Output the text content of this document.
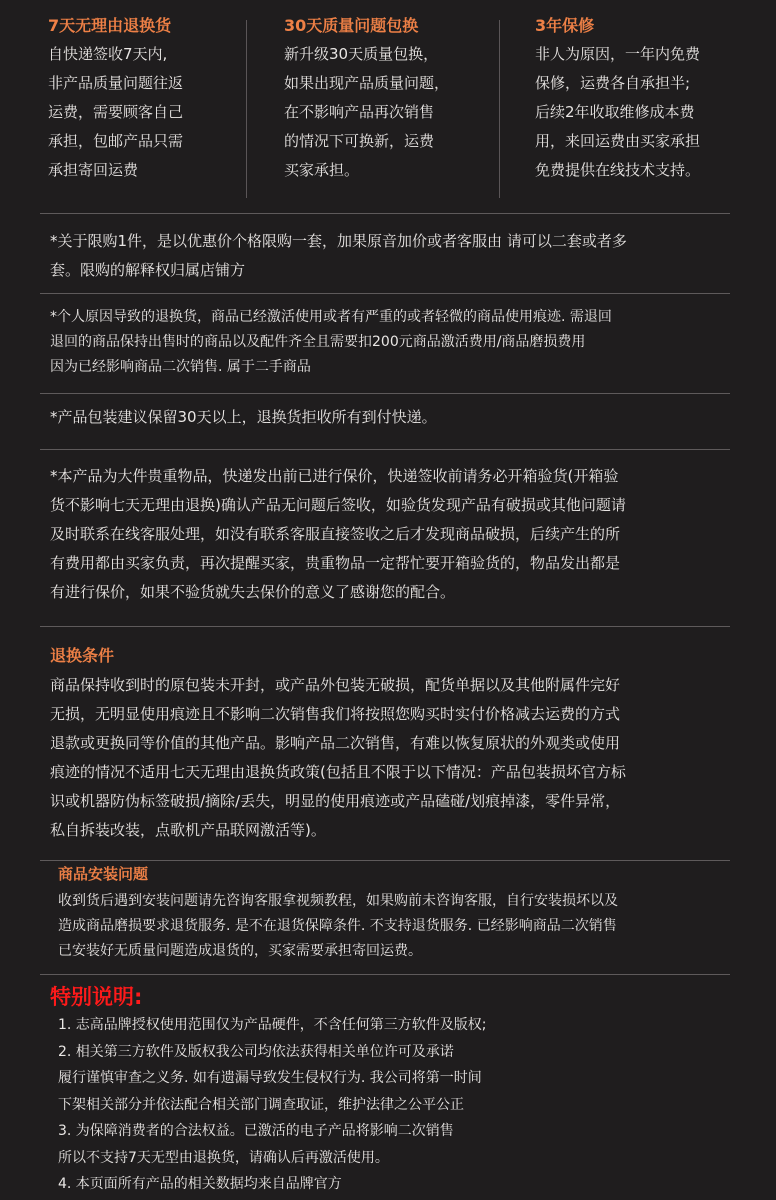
7天无理由退换货

自快递签收7天内,
非产品质量问题往返
运费，需要顾客自己
承担，包邮产品只需
承担寄回运费

30天质量问题包换

新升级30天质量包换，
如果出现产品质量问题，
在不影响产品再次销售
的情况下可换新，运费
买家承担。

3年保修

非人为原因，一年内免费
保修，运费各自承担半;
后续2年收取维修成本费
用，来回运费由买家承担
免费提供在线技术支持。

*关于限购1件，是以优惠价个格限购一套，加果原音加价或者客服由 请可以二套或者多
套。限购的解释权归属店铺方

*个人原因导致的退换货，商品已经激活使用或者有严重的或者轻微的商品使用痕迹. 需退回
退回的商品保持出售时的商品以及配件齐全且需要扣200元商品激活费用/商品磨损费用
因为已经影响商品二次销售. 属于二手商品

*产品包装建议保留30天以上，退换货拒收所有到付快递。

*本产品为大件贵重物品，快递发出前已进行保价，快递签收前请务必开箱验货(开箱验
货不影响七天无理由退换)确认产品无问题后签收，如验货发现产品有破损或其他问题请
及时联系在线客服处理，如没有联系客服直接签收之后才发现商品破损，后续产生的所
有费用都由买家负责，再次提醒买家，贵重物品一定帮忙要开箱验货的，物品发出都是
有进行保价，如果不验货就失去保价的意义了感谢您的配合。

退换条件

商品保持收到时的原包装未开封，或产品外包装无破损，配货单据以及其他附属件完好
无损，无明显使用痕迹且不影响二次销售我们将按照您购买时实付价格减去运费的方式
退款或更换同等价值的其他产品。影响产品二次销售，有难以恢复原状的外观类或使用
痕迹的情况不适用七天无理由退换货政策(包括且不限于以下情况：产品包装损坏官方标
识或机器防伪标签破损/摘除/丢失，明显的使用痕迹或产品磕碰/划痕掉漆，零件异常，
私自拆装改装，点歌机产品联网激活等)。

商品安装问题

收到货后遇到安装问题请先咨询客服拿视频教程，如果购前未咨询客服，自行安装损坏以及
造成商品磨损要求退货服务. 是不在退货保障条件. 不支持退货服务. 已经影响商品二次销售
已安装好无质量问题造成退货的，买家需要承担寄回运费。

特别说明:

1. 志高品牌授权使用范围仅为产品硬件，不含任何第三方软件及版权;
2. 相关第三方软件及版权我公司均依法获得相关单位许可及承诺
履行谨慎审查之义务. 如有遗漏导致发生侵权行为. 我公司将第一时间
下架相关部分并依法配合相关部门调查取证，维护法律之公平公正
3. 为保障消费者的合法权益。已激活的电子产品将影响二次销售
所以不支持7天无型由退换货，请确认后再激活使用。
4. 本页面所有产品的相关数据均来自品牌官方
